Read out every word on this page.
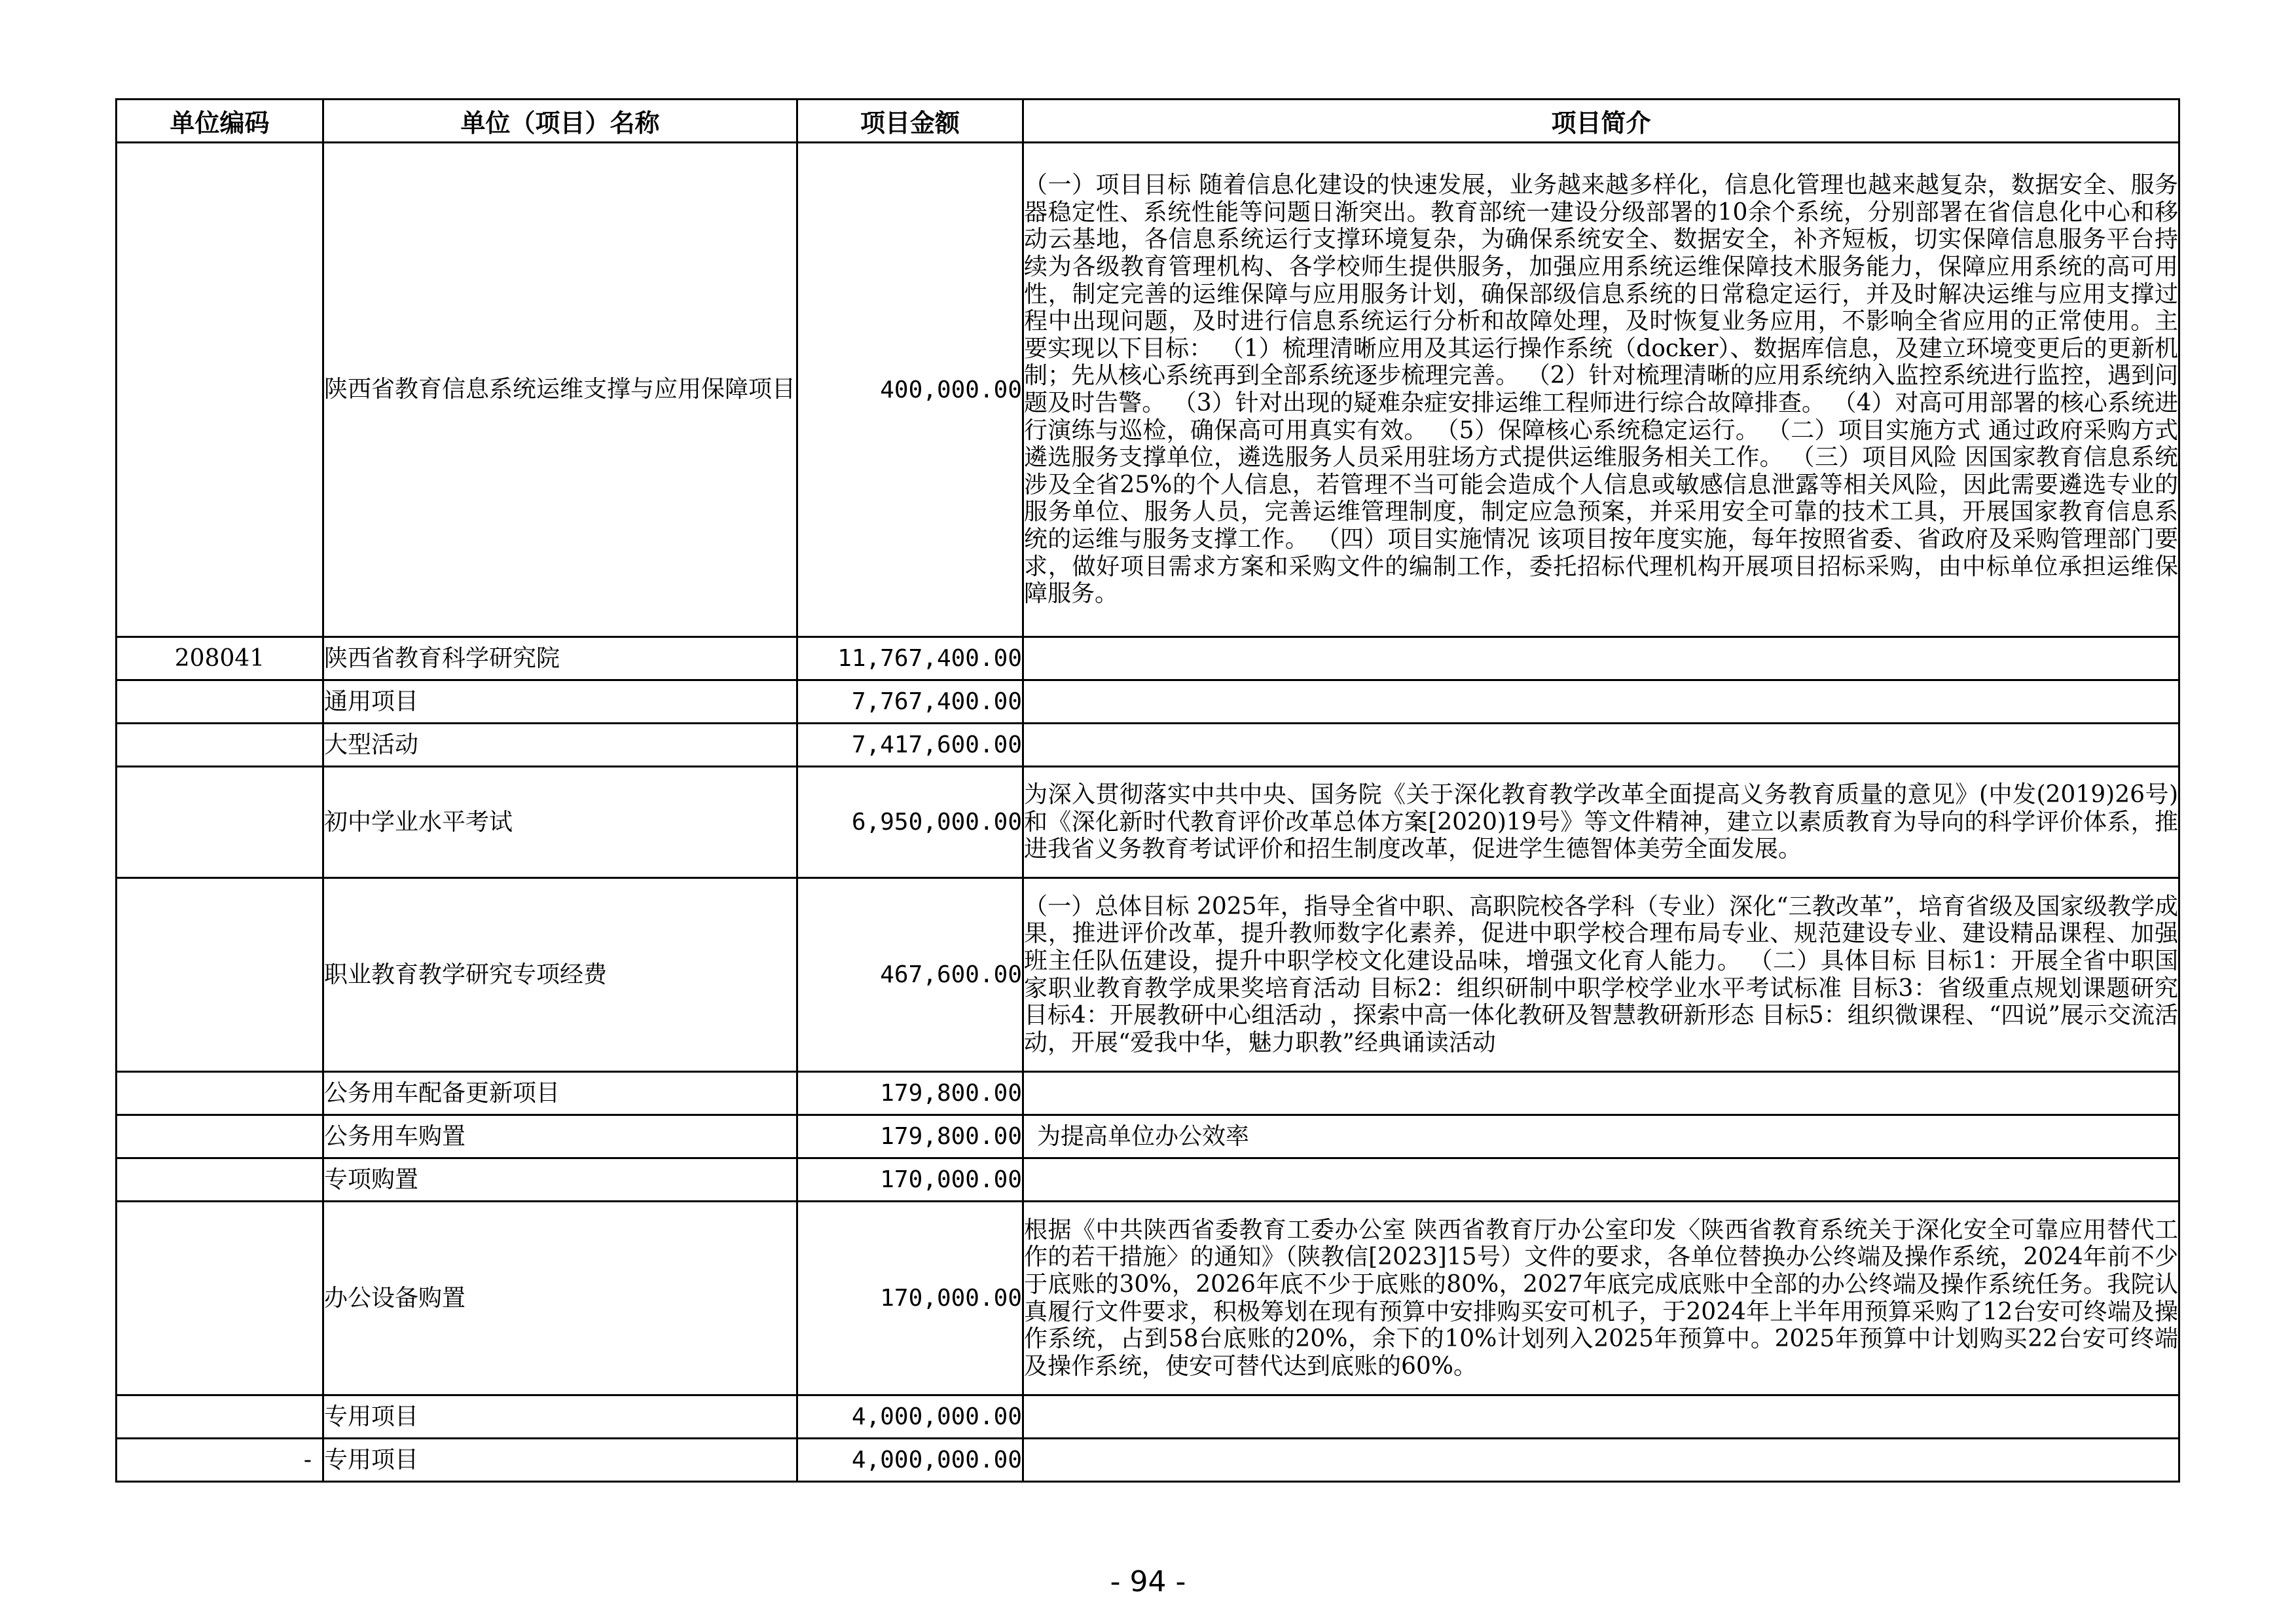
单位编码	单位（项目）名称	项目金额	项目简介
	陕西省教育信息系统运维支撑与应用保障项目	400,000.00	（一）项目目标 随着信息化建设的快速发展，业务越来越多样化，信息化管理也越来越复杂，数据安全、服务器稳定性、系统性能等问题日渐突出。教育部统一建设分级部署的10余个系统，分别部署在省信息化中心和移动云基地，各信息系统运行支撑环境复杂，为确保系统安全、数据安全，补齐短板，切实保障信息服务平台持续为各级教育管理机构、各学校师生提供服务，加强应用系统运维保障技术服务能力，保障应用系统的高可用性，制定完善的运维保障与应用服务计划，确保部级信息系统的日常稳定运行，并及时解决运维与应用支撑过程中出现问题，及时进行信息系统运行分析和故障处理，及时恢复业务应用，不影响全省应用的正常使用。主要实现以下目标： （1）梳理清晰应用及其运行操作系统（docker）、数据库信息，及建立环境变更后的更新机制；先从核心系统再到全部系统逐步梳理完善。 （2）针对梳理清晰的应用系统纳入监控系统进行监控，遇到问题及时告警。 （3）针对出现的疑难杂症安排运维工程师进行综合故障排查。 （4）对高可用部署的核心系统进行演练与巡检，确保高可用真实有效。 （5）保障核心系统稳定运行。 （二）项目实施方式 通过政府采购方式遴选服务支撑单位，遴选服务人员采用驻场方式提供运维服务相关工作。 （三）项目风险 因国家教育信息系统涉及全省25%的个人信息，若管理不当可能会造成个人信息或敏感信息泄露等相关风险，因此需要遴选专业的服务单位、服务人员，完善运维管理制度，制定应急预案，并采用安全可靠的技术工具，开展国家教育信息系统的运维与服务支撑工作。 （四）项目实施情况 该项目按年度实施，每年按照省委、省政府及采购管理部门要求，做好项目需求方案和采购文件的编制工作，委托招标代理机构开展项目招标采购，由中标单位承担运维保障服务。
208041	陕西省教育科学研究院	11,767,400.00	
	通用项目	7,767,400.00	
	大型活动	7,417,600.00	
	初中学业水平考试	6,950,000.00	为深入贯彻落实中共中央、国务院《关于深化教育教学改革全面提高义务教育质量的意见》(中发(2019)26号)和《深化新时代教育评价改革总体方案[2020)19号》等文件精神，建立以素质教育为导向的科学评价体系，推进我省义务教育考试评价和招生制度改革，促进学生德智体美劳全面发展。
	职业教育教学研究专项经费	467,600.00	（一）总体目标 2025年，指导全省中职、高职院校各学科（专业）深化“三教改革”，培育省级及国家级教学成果，推进评价改革，提升教师数字化素养，促进中职学校合理布局专业、规范建设专业、建设精品课程、加强班主任队伍建设，提升中职学校文化建设品味，增强文化育人能力。 （二）具体目标 目标1：开展全省中职国家职业教育教学成果奖培育活动 目标2：组织研制中职学校学业水平考试标准 目标3：省级重点规划课题研究 目标4：开展教研中心组活动 ，探索中高一体化教研及智慧教研新形态 目标5：组织微课程、“四说”展示交流活动，开展“爱我中华，魅力职教”经典诵读活动
	公务用车配备更新项目	179,800.00	
	公务用车购置	179,800.00	为提高单位办公效率
	专项购置	170,000.00	
	办公设备购置	170,000.00	根据《中共陕西省委教育工委办公室 陕西省教育厅办公室印发〈陕西省教育系统关于深化安全可靠应用替代工作的若干措施〉的通知》（陕教信[2023]15号）文件的要求，各单位替换办公终端及操作系统，2024年前不少于底账的30%，2026年底不少于底账的80%，2027年底完成底账中全部的办公终端及操作系统任务。我院认真履行文件要求，积极筹划在现有预算中安排购买安可机子，于2024年上半年用预算采购了12台安可终端及操作系统，占到58台底账的20%，余下的10%计划列入2025年预算中。2025年预算中计划购买22台安可终端及操作系统，使安可替代达到底账的60%。
	专用项目	4,000,000.00	
-	专用项目	4,000,000.00	
- 94 -
